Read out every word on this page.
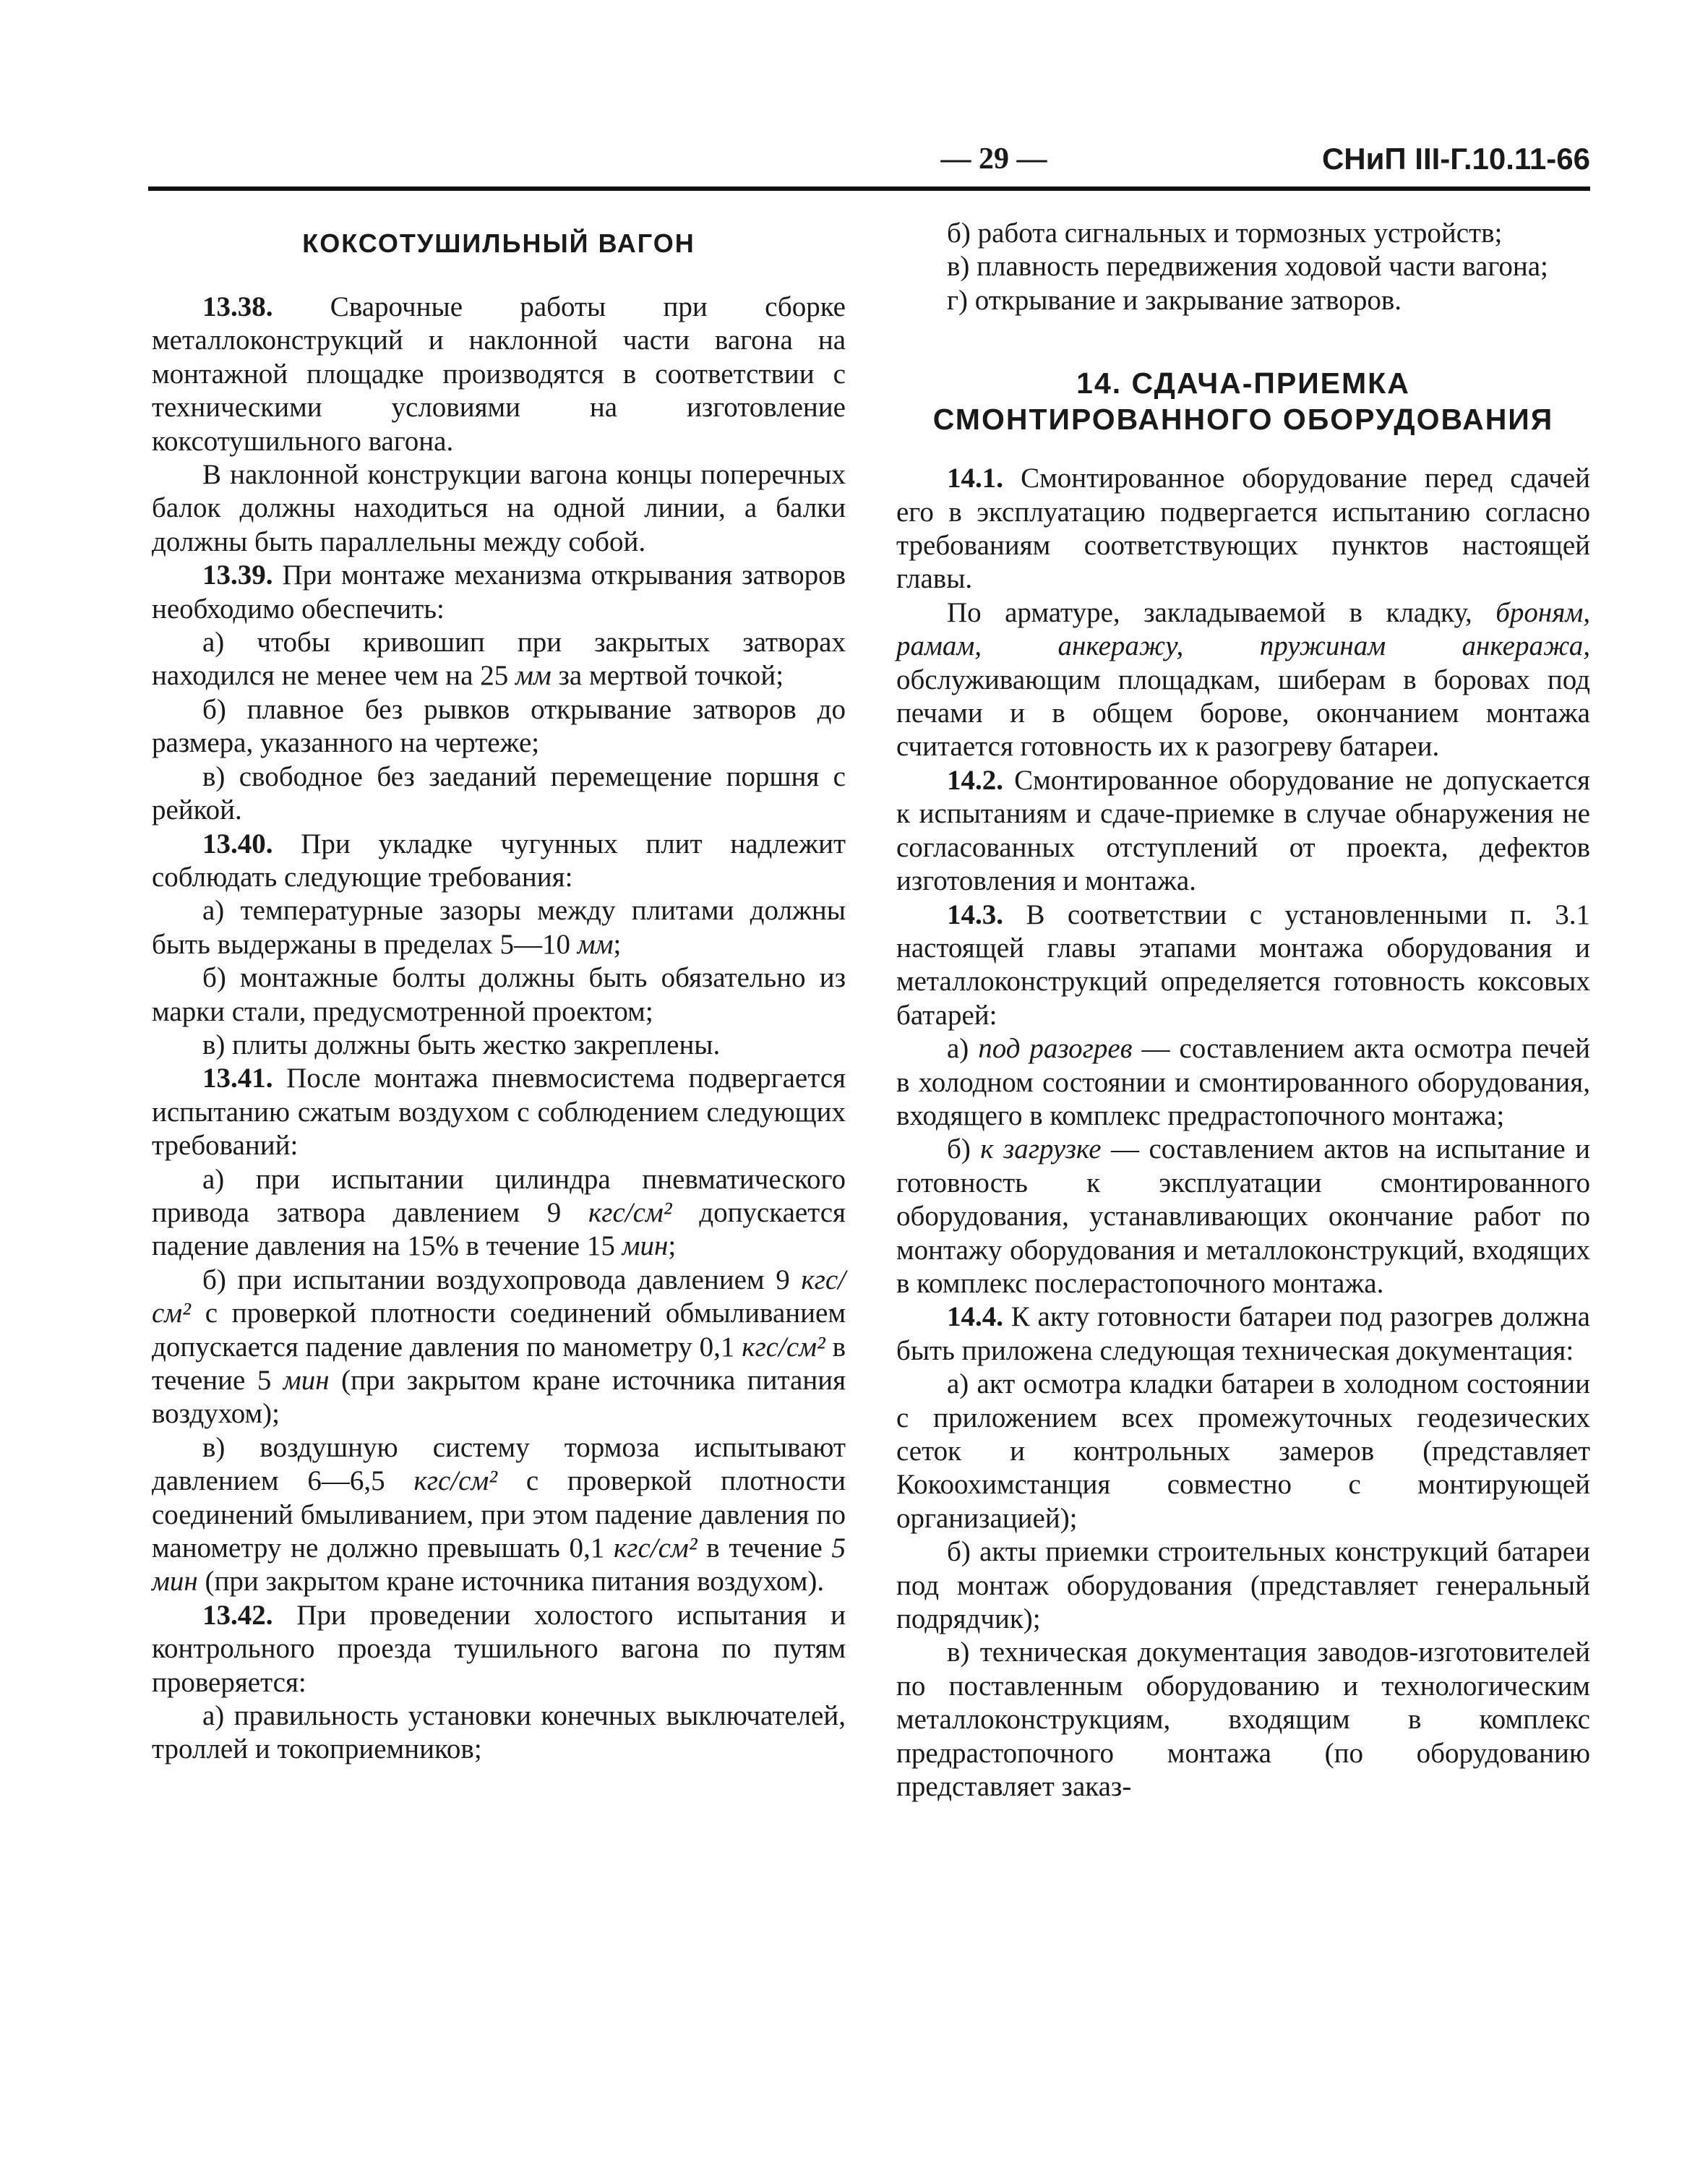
— 29 —	СНиП III-Г.10.11-66
КОКСОТУШИЛЬНЫЙ ВАГОН

13.38. Сварочные работы при сборке металлоконструкций и наклонной части вагона на монтажной площадке производятся в соответствии с техническими условиями на изготовление коксотушильного вагона.

В наклонной конструкции вагона концы поперечных балок должны находиться на одной линии, а балки должны быть параллельны между собой.

13.39. При монтаже механизма открывания затворов необходимо обеспечить:

а) чтобы кривошип при закрытых затворах находился не менее чем на 25 мм за мертвой точкой;

б) плавное без рывков открывание затворов до размера, указанного на чертеже;

в) свободное без заеданий перемещение поршня с рейкой.

13.40. При укладке чугунных плит надлежит соблюдать следующие требования:

а) температурные зазоры между плитами должны быть выдержаны в пределах 5—10 мм;

б) монтажные болты должны быть обязательно из марки стали, предусмотренной проектом;

в) плиты должны быть жестко закреплены.

13.41. После монтажа пневмосистема подвергается испытанию сжатым воздухом с соблюдением следующих требований:

а) при испытании цилиндра пневматического привода затвора давлением 9 кгс/см² допускается падение давления на 15% в течение 15 мин;

б) при испытании воздухопровода давлением 9 кгс/см² с проверкой плотности соединений обмыливанием допускается падение давления по манометру 0,1 кгс/см² в течение 5 мин (при закрытом кране источника питания воздухом);

в) воздушную систему тормоза испытывают давлением 6—6,5 кгс/см² с проверкой плотности соединений бмыливанием, при этом падение давления по манометру не должно превышать 0,1 кгс/см² в течение 5 мин (при закрытом кране источника питания воздухом).

13.42. При проведении холостого испытания и контрольного проезда тушильного вагона по путям проверяется:

а) правильность установки конечных выключателей, троллей и токоприемников;

б) работа сигнальных и тормозных устройств;

в) плавность передвижения ходовой части вагона;

г) открывание и закрывание затворов.

14. СДАЧА-ПРИЕМКА
СМОНТИРОВАННОГО ОБОРУДОВАНИЯ

14.1. Смонтированное оборудование перед сдачей его в эксплуатацию подвергается испытанию согласно требованиям соответствующих пунктов настоящей главы.

По арматуре, закладываемой в кладку, броням, рамам, анкеражу, пружинам анкеража, обслуживающим площадкам, шиберам в боровах под печами и в общем борове, окончанием монтажа считается готовность их к разогреву батареи.

14.2. Смонтированное оборудование не допускается к испытаниям и сдаче-приемке в случае обнаружения не согласованных отступлений от проекта, дефектов изготовления и монтажа.

14.3. В соответствии с установленными п. 3.1 настоящей главы этапами монтажа оборудования и металлоконструкций определяется готовность коксовых батарей:

а) под разогрев — составлением акта осмотра печей в холодном состоянии и смонтированного оборудования, входящего в комплекс предрастопочного монтажа;

б) к загрузке — составлением актов на испытание и готовность к эксплуатации смонтированного оборудования, устанавливающих окончание работ по монтажу оборудования и металлоконструкций, входящих в комплекс послерастопочного монтажа.

14.4. К акту готовности батареи под разогрев должна быть приложена следующая техническая документация:

а) акт осмотра кладки батареи в холодном состоянии с приложением всех промежуточных геодезических сеток и контрольных замеров (представляет Кокоохимстанция совместно с монтирующей организацией);

б) акты приемки строительных конструкций батареи под монтаж оборудования (представляет генеральный подрядчик);

в) техническая документация заводов-изготовителей по поставленным оборудованию и технологическим металлоконструкциям, входящим в комплекс предрастопочного монтажа (по оборудованию представляет заказ-
